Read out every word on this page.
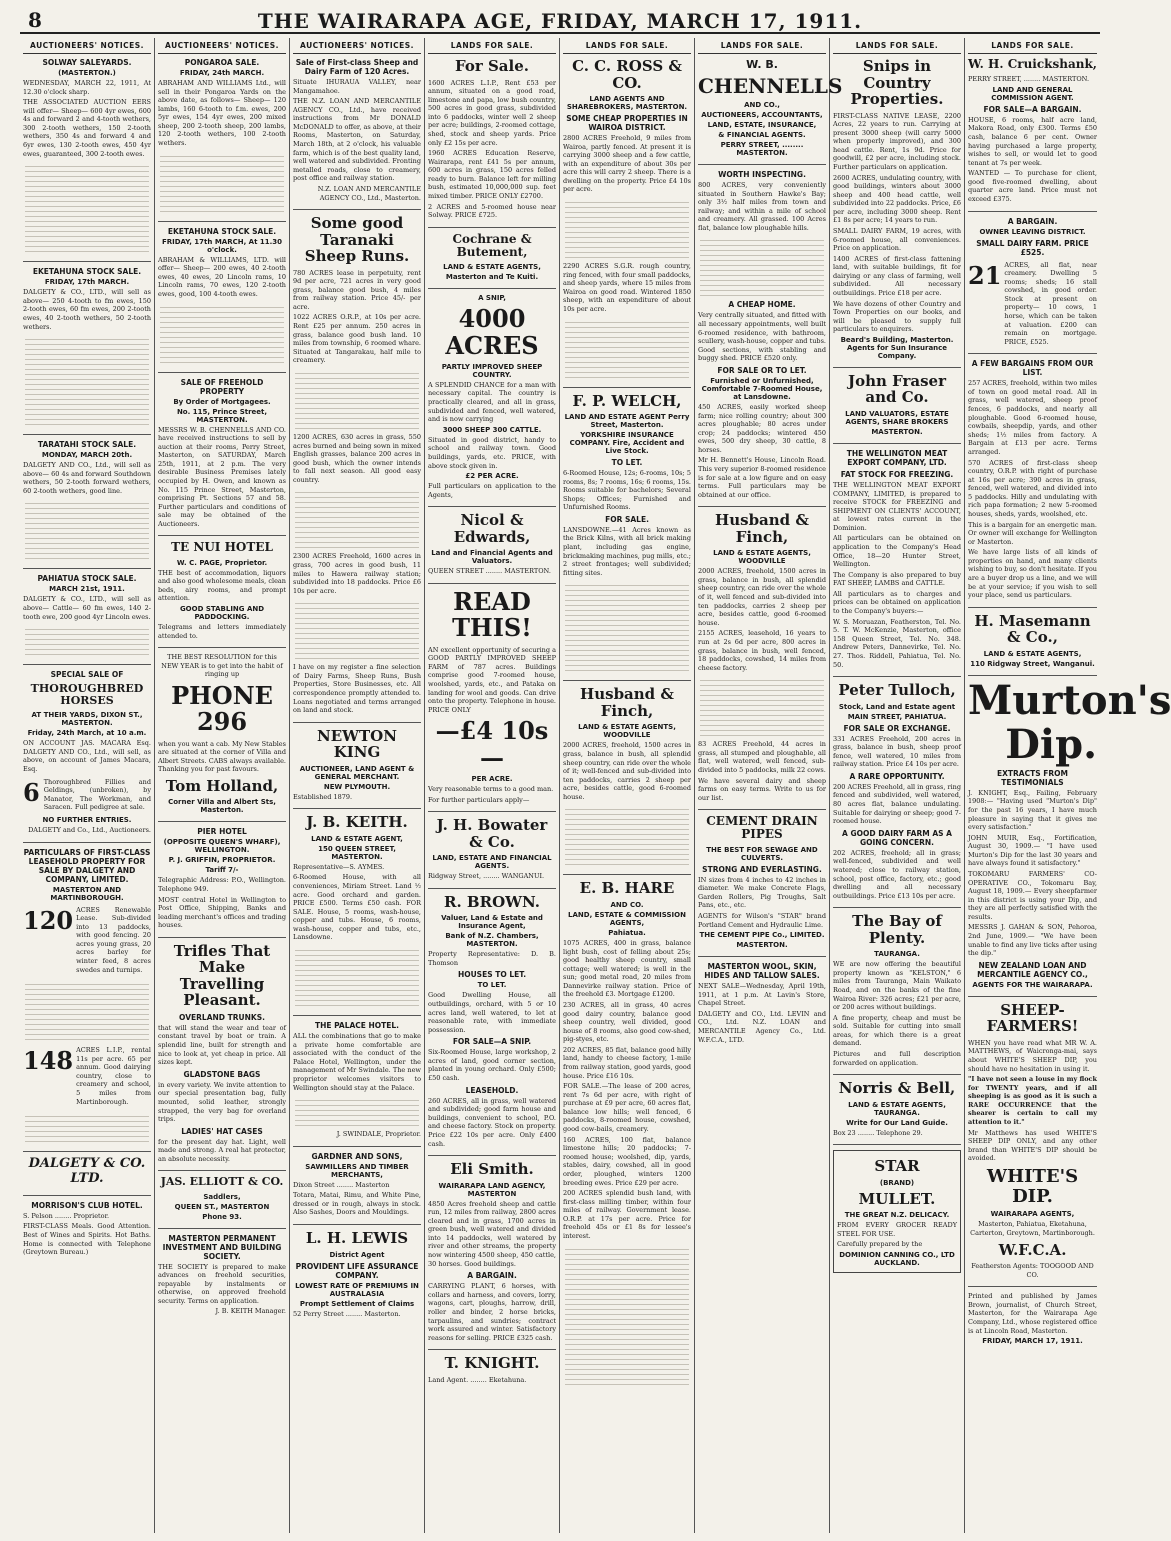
8	THE WAIRARAPA AGE, FRIDAY, MARCH 17, 1911.
AUCTIONEERS' NOTICES.
SOLWAY SALEYARDS.
(MASTERTON.)
WEDNESDAY, MARCH 22, 1911, At 12.30 o'clock sharp.
THE ASSOCIATED AUCTION EERS will offer— Sheep— 600 4yr ewes, 600 4s and forward 2 and 4-tooth wethers, 300 2-tooth wethers, 150 2-tooth wethers, 350 4s and forward 4 and 6yr ewes, 130 2-tooth ewes, 450 4yr ewes, guaranteed, 300 2-tooth ewes.
EKETAHUNA STOCK SALE.
FRIDAY, 17th MARCH.
DALGETY & CO., LTD., will sell as above— 250 4-tooth to fm ewes, 150 2-tooth ewes, 60 fm ewes, 200 2-tooth ewes, 40 2-tooth wethers, 50 2-tooth wethers.
TARATAHI STOCK SALE.
MONDAY, MARCH 20th.
DALGETY AND CO., Ltd., will sell as above— 60 4s and forward Southdown wethers, 50 2-tooth forward wethers, 60 2-tooth wethers, good line.
PAHIATUA STOCK SALE.
MARCH 21st, 1911.
DALGETY & CO., LTD., will sell as above— Cattle— 60 fm ewes, 140 2-tooth ewe, 200 good 4yr Lincoln ewes.
SPECIAL SALE OF
THOROUGHBRED HORSES
AT THEIR YARDS, DIXON ST., MASTERTON.
Friday, 24th March, at 10 a.m.
ON ACCOUNT JAS. MACARA Esq. DALGETY AND CO., Ltd., will sell, as above, on account of James Macara, Esq.
6 Thoroughbred Fillies and Geldings, (unbroken), by Manator, The Workman, and Saracen. Full pedigree at sale.
NO FURTHER ENTRIES.
DALGETY and Co., Ltd., Auctioneers.
PARTICULARS OF FIRST-CLASS LEASEHOLD PROPERTY FOR SALE BY DALGETY AND COMPANY, LIMITED.
MASTERTON AND MARTINBOROUGH.
120 ACRES Renewable Lease. Sub-divided into 13 paddocks, with good fencing. 20 acres young grass, 20 acres barley for winter feed, 8 acres swedes and turnips.
148 ACRES L.I.P., rental 11s per acre. 65 per annum. Good dairying country, close to creamery and school, 5 miles from Martinborough.
DALGETY & CO. LTD.
MORRISON'S CLUB HOTEL.
S. Pelson ........ Proprietor.
FIRST-CLASS Meals. Good Attention. Best of Wines and Spirits. Hot Baths. Home is connected with Telephone (Greytown Bureau.)
AUCTIONEERS' NOTICES.
PONGAROA SALE.
FRIDAY, 24th MARCH.
ABRAHAM AND WILLIAMS Ltd., will sell in their Pongaroa Yards on the above date, as follows— Sheep— 120 lambs, 160 6-tooth to f.m. ewes, 200 5yr ewes, 154 4yr ewes, 200 mixed sheep, 200 2-tooth sheep, 200 lambs, 120 2-tooth wethers, 100 2-tooth wethers.
EKETAHUNA STOCK SALE.
FRIDAY, 17th MARCH, At 11.30 o'clock.
ABRAHAM & WILLIAMS, LTD. will offer— Sheep— 200 ewes, 40 2-tooth ewes, 40 ewes, 20 Lincoln rams, 10 Lincoln rams, 70 ewes, 120 2-tooth ewes, good, 100 4-tooth ewes.
SALE OF FREEHOLD PROPERTY
By Order of Mortgagees.
No. 115, Prince Street, MASTERTON.
MESSRS W. B. CHENNELLS AND CO. have received instructions to sell by auction at their rooms, Perry Street, Masterton, on SATURDAY, March 25th, 1911, at 2 p.m. The very desirable Business Premises lately occupied by H. Owen, and known as No. 115 Prince Street, Masterton, comprising Pt. Sections 57 and 58. Further particulars and conditions of sale may be obtained of the Auctioneers.
TE NUI HOTEL
W. C. PAGE, Proprietor.
THE best of accommodation, liquors and also good wholesome meals, clean beds, airy rooms, and prompt attention.
GOOD STABLING AND PADDOCKING.
Telegrams and letters immediately attended to.
THE BEST RESOLUTION for this NEW YEAR is to get into the habit of ringing up
PHONE 296
when you want a cab. My New Stables are situated at the corner of Villa and Albert Streets. CABS always available. Thanking you for past favours.
Tom Holland,
Corner Villa and Albert Sts, Masterton.
PIER HOTEL
(OPPOSITE QUEEN'S WHARF), WELLINGTON.
P. J. GRIFFIN, PROPRIETOR.
Tariff 7/-
Telegraphic Address: P.O., Wellington. Telephone 949.
MOST central Hotel in Wellington to Post Office, Shipping, Banks and leading merchant's offices and trading houses.
Trifles That Make Travelling Pleasant.
OVERLAND TRUNKS.
that will stand the wear and tear of constant travel by boat or train. A splendid line, built for strength and nice to look at, yet cheap in price. All sizes kept.
GLADSTONE BAGS
in every variety. We invite attention to our special presentation bag, fully mounted, solid leather, strongly strapped, the very bag for overland trips.
LADIES' HAT CASES
for the present day hat. Light, well made and strong. A real hat protector, an absolute necessity.
JAS. ELLIOTT & CO.
Saddlers,
QUEEN ST., MASTERTON
Phone 93.
MASTERTON PERMANENT INVESTMENT AND BUILDING SOCIETY.
THE SOCIETY is prepared to make advances on freehold securities, repayable by instalments or otherwise, on approved freehold security. Terms on application.
J. B. KEITH Manager.
AUCTIONEERS' NOTICES.
Sale of First-class Sheep and Dairy Farm of 120 Acres.
Situate IHURAUA VALLEY, near Mangamahoe.
THE N.Z. LOAN AND MERCANTILE AGENCY CO., Ltd., have received instructions from Mr DONALD McDONALD to offer, as above, at their Rooms, Masterton, on Saturday, March 18th, at 2 o'clock, his valuable farm, which is of the best quality land, well watered and subdivided. Fronting metalled roads, close to creamery, post office and railway station.
N.Z. LOAN AND MERCANTILE AGENCY CO., Ltd., Masterton.
Some good Taranaki Sheep Runs.
780 ACRES lease in perpetuity, rent 9d per acre, 721 acres in very good grass, balance good bush, 4 miles from railway station. Price 45/- per acre.
1022 ACRES O.R.P., at 10s per acre. Rent £25 per annum. 250 acres in grass, balance good bush land. 10 miles from township, 6 roomed whare. Situated at Tangarakau, half mile to creamery.
1200 ACRES, 630 acres in grass, 550 acres burned and being sown in mixed English grasses, balance 200 acres in good bush, which the owner intends to fall next season. All good easy country.
2300 ACRES Freehold, 1600 acres in grass, 700 acres in good bush, 11 miles to Hawera railway station; subdivided into 18 paddocks. Price £6 10s per acre.
I have on my register a fine selection of Dairy Farms, Sheep Runs, Bush Properties, Store Businesses, etc. All correspondence promptly attended to. Loans negotiated and terms arranged on land and stock.
NEWTON KING
AUCTIONEER, LAND AGENT & GENERAL MERCHANT.
NEW PLYMOUTH.
Established 1879.
J. B. KEITH.
LAND & ESTATE AGENT,
150 QUEEN STREET, MASTERTON.
Representative—S. AYMES.
6-Roomed House, with all conveniences, Miriam Street. Land ½ acre. Good orchard and garden. PRICE £500. Terms £50 cash. FOR SALE. House, 5 rooms, wash-house, copper and tubs. House, 6 rooms, wash-house, copper and tubs, etc., Lansdowne.
THE PALACE HOTEL.
ALL the combinations that go to make a private home comfortable are associated with the conduct of the Palace Hotel, Wellington, under the management of Mr Swindale. The new proprietor welcomes visitors to Wellington should stay at the Palace.
J. SWINDALE, Proprietor.
GARDNER AND SONS,
SAWMILLERS AND TIMBER MERCHANTS,
Dixon Street ........ Masterton
Totara, Matai, Rimu, and White Pine, dressed or in rough, always in stock. Also Sashes, Doors and Mouldings.
L. H. LEWIS
District Agent
PROVIDENT LIFE ASSURANCE COMPANY.
LOWEST RATE OF PREMIUMS IN AUSTRALASIA
Prompt Settlement of Claims
52 Perry Street ........ Masterton.
LANDS FOR SALE.
For Sale.
1600 ACRES L.I.P., Rent £53 per annum, situated on a good road, limestone and papa, low bush country, 500 acres in good grass, subdivided into 6 paddocks, winter well 2 sheep per acre; buildings, 2-roomed cottage, shed, stock and sheep yards. Price only £2 15s per acre.
1960 ACRES Education Reserve, Wairarapa, rent £41 5s per annum, 600 acres in grass, 150 acres felled ready to burn. Balance left for milling bush, estimated 10,000,000 sup. feet mixed timber. PRICE ONLY £2700.
2 ACRES and 5-roomed house near Solway. PRICE £725.
Cochrane & Butement,
LAND & ESTATE AGENTS,
Masterton and Te Kuiti.
A SNIP,
4000 ACRES
PARTLY IMPROVED SHEEP COUNTRY.
A SPLENDID CHANCE for a man with necessary capital. The country is practically cleared, and all in grass, subdivided and fenced, well watered, and is now carrying
3000 SHEEP 300 CATTLE.
Situated in good district, handy to school and railway town. Good buildings, yards, etc. PRICE, with above stock given in.
£2 PER ACRE.
Full particulars on application to the Agents,
Nicol & Edwards,
Land and Financial Agents and Valuators.
QUEEN STREET ........ MASTERTON.
READ THIS!
AN excellent opportunity of securing a GOOD PARTLY IMPROVED SHEEP FARM of 787 acres. Buildings comprise good 7-roomed house, woolshed, yards, etc., and Pataka on landing for wool and goods. Can drive onto the property. Telephone in house. PRICE ONLY
—£4 10s—
PER ACRE.
Very reasonable terms to a good man.
For further particulars apply—
J. H. Bowater & Co.
LAND, ESTATE AND FINANCIAL AGENTS.
Ridgway Street, ........ WANGANUI.
R. BROWN.
Valuer, Land & Estate and Insurance Agent,
Bank of N.Z. Chambers, MASTERTON.
Property Representative: D. B. Thomson
HOUSES TO LET.
TO LET.
Good Dwelling House, all outbuildings, orchard, with 5 or 10 acres land, well watered, to let at reasonable rate, with immediate possession.
FOR SALE—A SNIP.
Six-Roomed House, large workshop, 2 acres of land, good corner section, planted in young orchard. Only £500; £50 cash.
LEASEHOLD.
260 ACRES, all in grass, well watered and subdivided; good farm house and buildings, convenient to school, P.O. and cheese factory. Stock on property. Price £22 10s per acre. Only £400 cash.
Eli Smith.
WAIRARAPA LAND AGENCY, MASTERTON
4850 Acres freehold sheep and cattle run, 12 miles from railway, 2800 acres cleared and in grass, 1700 acres in green bush, well watered and divided into 14 paddocks, well watered by river and other streams, the property now wintering 4500 sheep, 450 cattle, 30 horses. Good buildings.
A BARGAIN.
CARRYING PLANT, 6 horses, with collars and harness, and covers, lorry, wagons, cart, ploughs, harrow, drill, roller and binder, 2 horse bricks, tarpaulins, and sundries; contract work assured and winter. Satisfactory reasons for selling. PRICE £325 cash.
T. KNIGHT.
Land Agent. ........ Eketahuna.
LANDS FOR SALE.
C. C. ROSS & CO.
LAND AGENTS AND SHAREBROKERS, MASTERTON.
SOME CHEAP PROPERTIES IN WAIROA DISTRICT.
2800 ACRES Freehold, 9 miles from Wairoa, partly fenced. At present it is carrying 3000 sheep and a few cattle, with an expenditure of about 30s per acre this will carry 2 sheep. There is a dwelling on the property. Price £4 10s per acre.
2290 ACRES S.G.R. rough country, ring fenced, with four small paddocks, and sheep yards, where 15 miles from Wairoa on good road. Wintered 1850 sheep, with an expenditure of about 10s per acre.
F. P. WELCH,
LAND AND ESTATE AGENT Perry Street, Masterton.
YORKSHIRE INSURANCE COMPANY. Fire, Accident and Live Stock.
TO LET.
6-Roomed House, 12s; 6-rooms, 10s; 5 rooms, 8s; 7 rooms, 16s; 6 rooms, 15s. Rooms suitable for bachelors; Several Shops; Offices; Furnished and Unfurnished Rooms.
FOR SALE.
LANSDOWNE.—41 Acres known as the Brick Kilns, with all brick making plant, including gas engine, brickmaking machines, pug mills, etc.; 2 street frontages; well subdivided; fitting sites.
Husband & Finch,
LAND & ESTATE AGENTS, WOODVILLE
2000 ACRES, freehold, 1500 acres in grass, balance in bush, all splendid sheep country, can ride over the whole of it; well-fenced and sub-divided into ten paddocks, carries 2 sheep per acre, besides cattle, good 6-roomed house.
E. B. HARE
AND CO.
LAND, ESTATE & COMMISSION AGENTS,
Pahiatua.
1075 ACRES, 400 in grass, balance light bush, cost of felling about 25s; good healthy sheep country, small cottage; well watered; is well in the sun; good metal road, 20 miles from Dannevirke railway station. Price of the freehold £3. Mortgage £1200.
230 ACRES, all in grass, 40 acres good dairy country, balance good sheep country, well divided, good house of 8 rooms, also good cow-shed, pig-styes, etc.
202 ACRES, 85 flat, balance good hilly land, handy to cheese factory, 1-mile from railway station, good yards, good house. Price £16 10s.
FOR SALE.—The lease of 200 acres, rent 7s 6d per acre, with right of purchase at £9 per acre, 60 acres flat, balance low hills; well fenced, 6 paddocks, 8-roomed house, cowshed, good cow-bails, creamery.
160 ACRES, 100 flat, balance limestone hills; 20 paddocks; 7-roomed house; woolshed, dip, yards, stables, dairy, cowshed, all in good order, ploughed, winters 1200 breeding ewes. Price £29 per acre.
200 ACRES splendid bush land, with first-class milling timber, within four miles of railway. Government lease. O.R.P. at 17s per acre. Price for freehold 45s or £1 8s for lessee's interest.
LANDS FOR SALE.
W. B.
CHENNELLS
AND CO.,
AUCTIONEERS, ACCOUNTANTS,
LAND, ESTATE, INSURANCE,
& FINANCIAL AGENTS.
PERRY STREET, ........ MASTERTON.
WORTH INSPECTING.
800 ACRES, very conveniently situated in Southern Hawke's Bay; only 3½ half miles from town and railway; and within a mile of school and creamery. All grassed. 100 Acres flat, balance low ploughable hills.
A CHEAP HOME.
Very centrally situated, and fitted with all necessary appointments, well built 6-roomed residence, with bathroom, scullery, wash-house, copper and tubs. Good sections, with stabling and buggy shed. PRICE £520 only.
FOR SALE OR TO LET.
Furnished or Unfurnished, Comfortable 7-Roomed House, at Lansdowne.
450 ACRES, easily worked sheep farm; nice rolling country; about 300 acres ploughable; 80 acres under crop; 24 paddocks; wintered 450 ewes, 500 dry sheep, 30 cattle, 8 horses.
Mr H. Bennett's House, Lincoln Road. This very superior 8-roomed residence is for sale at a low figure and on easy terms. Full particulars may be obtained at our office.
Husband & Finch,
LAND & ESTATE AGENTS, WOODVILLE
2000 ACRES, freehold, 1500 acres in grass, balance in bush, all splendid sheep country, can ride over the whole of it, well fenced and sub-divided into ten paddocks, carries 2 sheep per acre, besides cattle, good 6-roomed house.
2155 ACRES, leasehold, 16 years to run at 2s 6d per acre, 800 acres in grass, balance in bush, well fenced, 18 paddocks, cowshed, 14 miles from cheese factory.
83 ACRES Freehold, 44 acres in grass, all stumped and ploughable, all flat, well watered, well fenced, sub-divided into 5 paddocks, milk 22 cows.
We have several dairy and sheep farms on easy terms. Write to us for our list.
CEMENT DRAIN PIPES
THE BEST FOR SEWAGE AND CULVERTS.
STRONG AND EVERLASTING.
IN sizes from 4 inches to 42 inches in diameter. We make Concrete Flags, Garden Rollers, Pig Troughs, Salt Pans, etc., etc.
AGENTS for Wilson's "STAR" brand Portland Cement and Hydraulic Lime.
THE CEMENT PIPE Co., LIMITED.
MASTERTON.
MASTERTON WOOL, SKIN, HIDES AND TALLOW SALES.
NEXT SALE—Wednesday, April 19th, 1911, at 1 p.m. At Lavin's Store, Chapel Street.
DALGETY and CO., Ltd. LEVIN and CO., Ltd. N.Z. LOAN and MERCANTILE Agency Co., Ltd. W.F.C.A., LTD.
LANDS FOR SALE.
Snips in Country Properties.
FIRST-CLASS NATIVE LEASE, 2200 Acres, 22 years to run. Carrying at present 3000 sheep (will carry 5000 when properly improved), and 300 head cattle. Rent, 1s 9d. Price for goodwill, £2 per acre, including stock. Further particulars on application.
2600 ACRES, undulating country, with good buildings, winters about 3000 sheep and 400 head cattle, well subdivided into 22 paddocks. Price, £6 per acre, including 3000 sheep. Rent £1 8s per acre; 14 years to run.
SMALL DAIRY FARM, 19 acres, with 6-roomed house, all conveniences. Price on application.
1400 ACRES of first-class fattening land, with suitable buildings, fit for dairying or any class of farming, well subdivided. All necessary outbuildings. Price £18 per acre.
We have dozens of other Country and Town Properties on our books, and will be pleased to supply full particulars to enquirers.
Beard's Building, Masterton. Agents for Sun Insurance Company.
John Fraser and Co.
LAND VALUATORS, ESTATE AGENTS, SHARE BROKERS
MASTERTON.
THE WELLINGTON MEAT EXPORT COMPANY, LTD.
FAT STOCK FOR FREEZING.
THE WELLINGTON MEAT EXPORT COMPANY, LIMITED, is prepared to receive STOCK for FREEZING and SHIPMENT ON CLIENTS' ACCOUNT, at lowest rates current in the Dominion.
All particulars can be obtained on application to the Company's Head Office, 18—20 Hunter Street, Wellington.
The Company is also prepared to buy FAT SHEEP, LAMBS and CATTLE.
All particulars as to charges and prices can be obtained on application to the Company's buyers:—
W. S. Moruazan, Featherston, Tel. No. 5. T. W. McKenzie, Masterton, office 158 Queen Street, Tel. No. 348. Andrew Peters, Dannevirke, Tel. No. 27. Thos. Riddell, Pahiatua, Tel. No. 50.
Peter Tulloch,
Stock, Land and Estate agent
MAIN STREET, PAHIATUA.
FOR SALE OR EXCHANGE.
331 ACRES Freehold, 200 acres in grass, balance in bush, sheep proof fence, well watered, 10 miles from railway station. Price £4 10s per acre.
A RARE OPPORTUNITY.
200 ACRES Freehold, all in grass, ring fenced and subdivided, well watered, 80 acres flat, balance undulating. Suitable for dairying or sheep; good 7-roomed house.
A GOOD DAIRY FARM AS A GOING CONCERN.
202 ACRES, freehold; all in grass; well-fenced, subdivided and well watered; close to railway station, school, post office, factory, etc.; good dwelling and all necessary outbuildings. Price £13 10s per acre.
The Bay of Plenty.
TAURANGA.
WE are now offering the beautiful property known as "KELSTON," 6 miles from Tauranga, Main Waikato Road, and on the banks of the fine Wairoa River: 326 acres; £21 per acre, or 200 acres without buildings.
A fine property, cheap and must be sold. Suitable for cutting into small areas, for which there is a great demand.
Pictures and full description forwarded on application.
Norris & Bell,
LAND & ESTATE AGENTS, TAURANGA.
Write for Our Land Guide.
Box 23 ........ Telephone 29.
STAR
(BRAND)
MULLET.
THE GREAT N.Z. DELICACY.
FROM EVERY GROCER READY STEEL FOR USE.
Carefully prepared by the
DOMINION CANNING CO., LTD AUCKLAND.
LANDS FOR SALE.
W. H. Cruickshank,
PERRY STREET, ........ MASTERTON.
LAND AND GENERAL COMMISSION AGENT.
FOR SALE—A BARGAIN.
HOUSE, 6 rooms, half acre land, Makora Road, only £300. Terms £50 cash, balance 6 per cent. Owner having purchased a large property, wishes to sell, or would let to good tenant at 7s per week.
WANTED — To purchase for client, good five-roomed dwelling, about quarter acre land. Price must not exceed £375.
A BARGAIN.
OWNER LEAVING DISTRICT.
SMALL DAIRY FARM. PRICE £525.
21 ACRES, all flat, near creamery. Dwelling 5 rooms; sheds; 16 stall cowshed, in good order. Stock at present on property— 10 cows, 1 horse, which can be taken at valuation. £200 can remain on mortgage. PRICE, £525.
A FEW BARGAINS FROM OUR LIST.
257 ACRES, freehold, within two miles of town on good metal road. All in grass, well watered, sheep proof fences, 6 paddocks, and nearly all ploughable. Good 6-roomed house, cowbails, sheepdip, yards, and other sheds; 1½ miles from factory. A Bargain at £13 per acre. Terms arranged.
570 ACRES of first-class sheep country, O.R.P. with right of purchase at 16s per acre; 390 acres in grass, fenced, well watered, and divided into 5 paddocks. Hilly and undulating with rich papa formation; 2 new 5-roomed houses, sheds, yards, woolshed, etc.
This is a bargain for an energetic man. Or owner will exchange for Wellington or Masterton.
We have large lists of all kinds of properties on hand, and many clients wishing to buy, so don't hesitate. If you are a buyer drop us a line, and we will be at your service; if you wish to sell your place, send us particulars.
H. Masemann & Co.,
LAND & ESTATE AGENTS,
110 Ridgway Street, Wanganui.
Murton's
Dip.
EXTRACTS FROM TESTIMONIALS
J. KNIGHT, Esq., Failing, February 1908:— "Having used "Murton's Dip" for the past 16 years, I have much pleasure in saying that it gives me every satisfaction."
JOHN MUIR, Esq., Fortification, August 30, 1909.— "I have used Murton's Dip for the last 30 years and have always found it satisfactory."
TOKOMARU FARMERS' CO-OPERATIVE CO., Tokomaru Bay, August 18, 1909.— Every sheepfarmer in this district is using your Dip, and they are all perfectly satisfied with the results.
MESSRS J. GAHAN & SON, Pehoroa, 2nd June, 1909.— "We have been unable to find any live ticks after using the dip."
NEW ZEALAND LOAN AND MERCANTILE AGENCY CO.,
AGENTS FOR THE WAIRARAPA.
SHEEP-FARMERS!
WHEN you have read what MR W. A. MATTHEWS, of Waicronga-mai, says about WHITE'S SHEEP DIP, you should have no hesitation in using it.
"I have not seen a louse in my flock for TWENTY years, and if all sheeping is as good as it is such a RARE OCCURRENCE that the shearer is certain to call my attention to it."
Mr Matthews has used WHITE'S SHEEP DIP ONLY, and any other brand than WHITE'S DIP should be avoided.
WHITE'S DIP.
WAIRARAPA AGENTS,
Masterton, Pahiatua, Eketahuna, Carterton, Greytown, Martinborough.
W.F.C.A.
Featherston Agents: TOOGOOD AND CO.
Printed and published by James Brown, journalist, of Church Street, Masterton, for the Wairarapa Age Company, Ltd., whose registered office is at Lincoln Road, Masterton.
FRIDAY, MARCH 17, 1911.
